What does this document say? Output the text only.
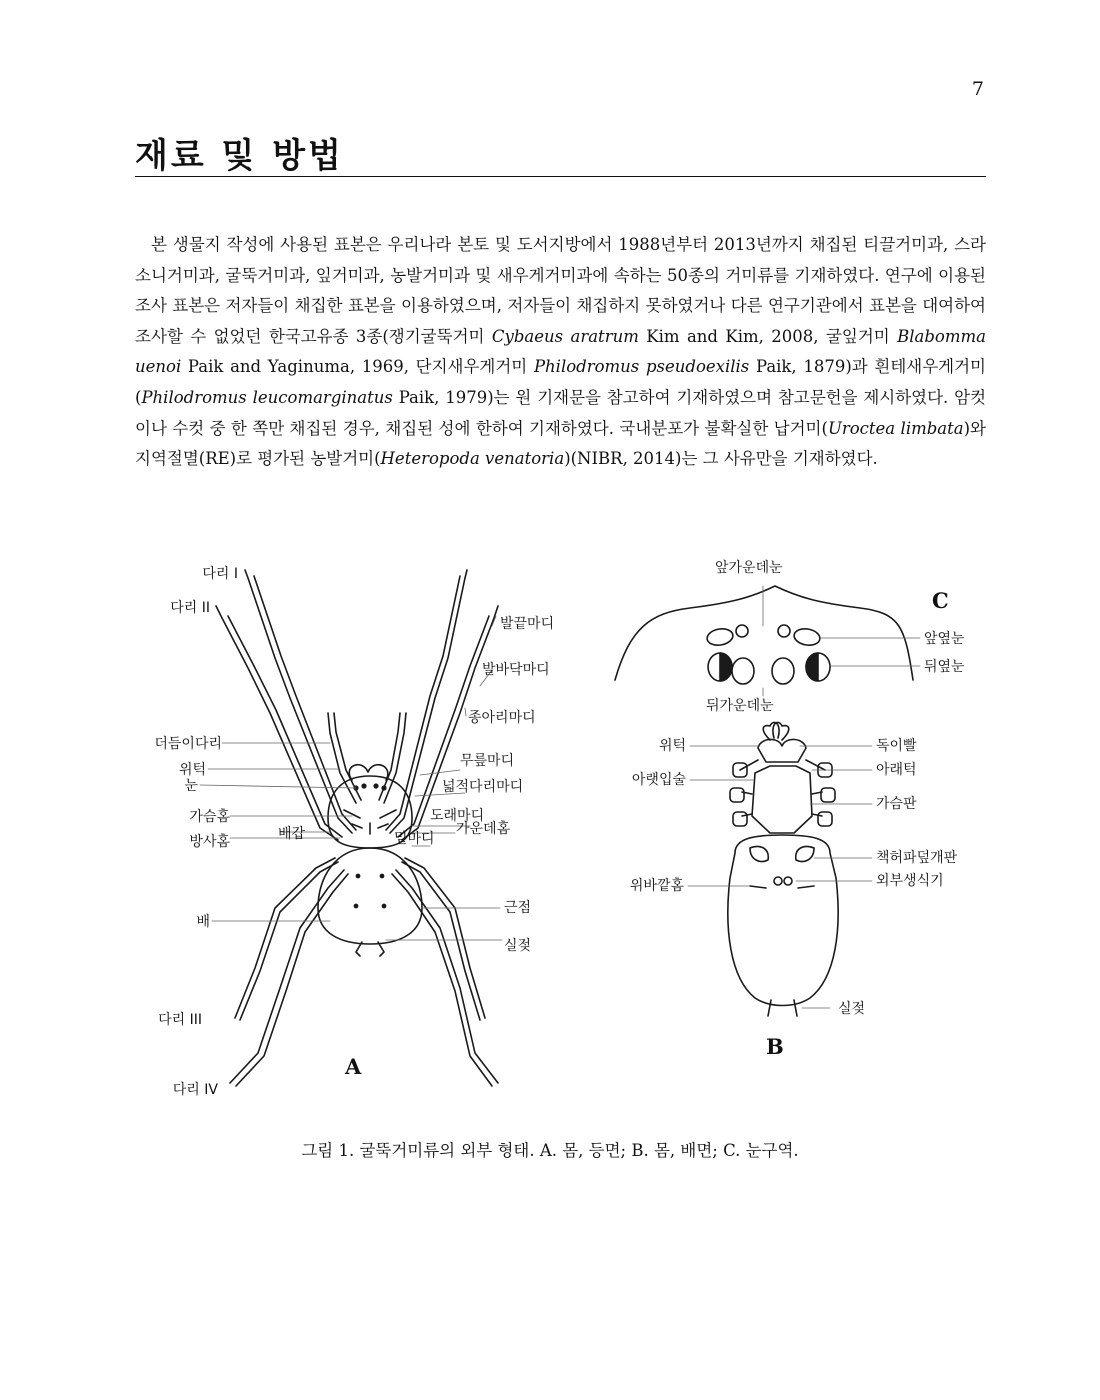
7
재료 및 방법

본 생물지 작성에 사용된 표본은 우리나라 본토 및 도서지방에서 1988년부터 2013년까지 채집된 티끌거미과, 스라소니거미과, 굴뚝거미과, 잎거미과, 농발거미과 및 새우게거미과에 속하는 50종의 거미류를 기재하였다. 연구에 이용된 조사 표본은 저자들이 채집한 표본을 이용하였으며, 저자들이 채집하지 못하였거나 다른 연구기관에서 표본을 대여하여 조사할 수 없었던 한국고유종 3종(쟁기굴뚝거미 Cybaeus aratrum Kim and Kim, 2008, 굴잎거미 Blabomma uenoi Paik and Yaginuma, 1969, 단지새우게거미 Philodromus pseudoexilis Paik, 1879)과 흰테새우게거미(Philodromus leucomarginatus Paik, 1979)는 원 기재문을 참고하여 기재하였으며 참고문헌을 제시하였다. 암컷이나 수컷 중 한 쪽만 채집된 경우, 채집된 성에 한하여 기재하였다. 국내분포가 불확실한 납거미(Uroctea limbata)와 지역절멸(RE)로 평가된 농발거미(Heteropoda venatoria)(NIBR, 2014)는 그 사유만을 기재하였다.

다리 I
다리 II
더듬이다리
위턱
눈
가슴홈
방사홈	배갑
배
다리 III
다리 IV
발끝마디
발바닥마디
종아리마디
무릎마디
넓적다리마디
도래마디
밑마디
가운데홈
근점
실젖
A
앞가운데눈
앞옆눈
뒤옆눈
뒤가운데눈
C
위턱
아랫입술
독이빨
아래턱
가슴판
책허파덮개판
외부생식기
위바깥홈
실젖
B
그림 1. 굴뚝거미류의 외부 형태. A. 몸, 등면; B. 몸, 배면; C. 눈구역.
